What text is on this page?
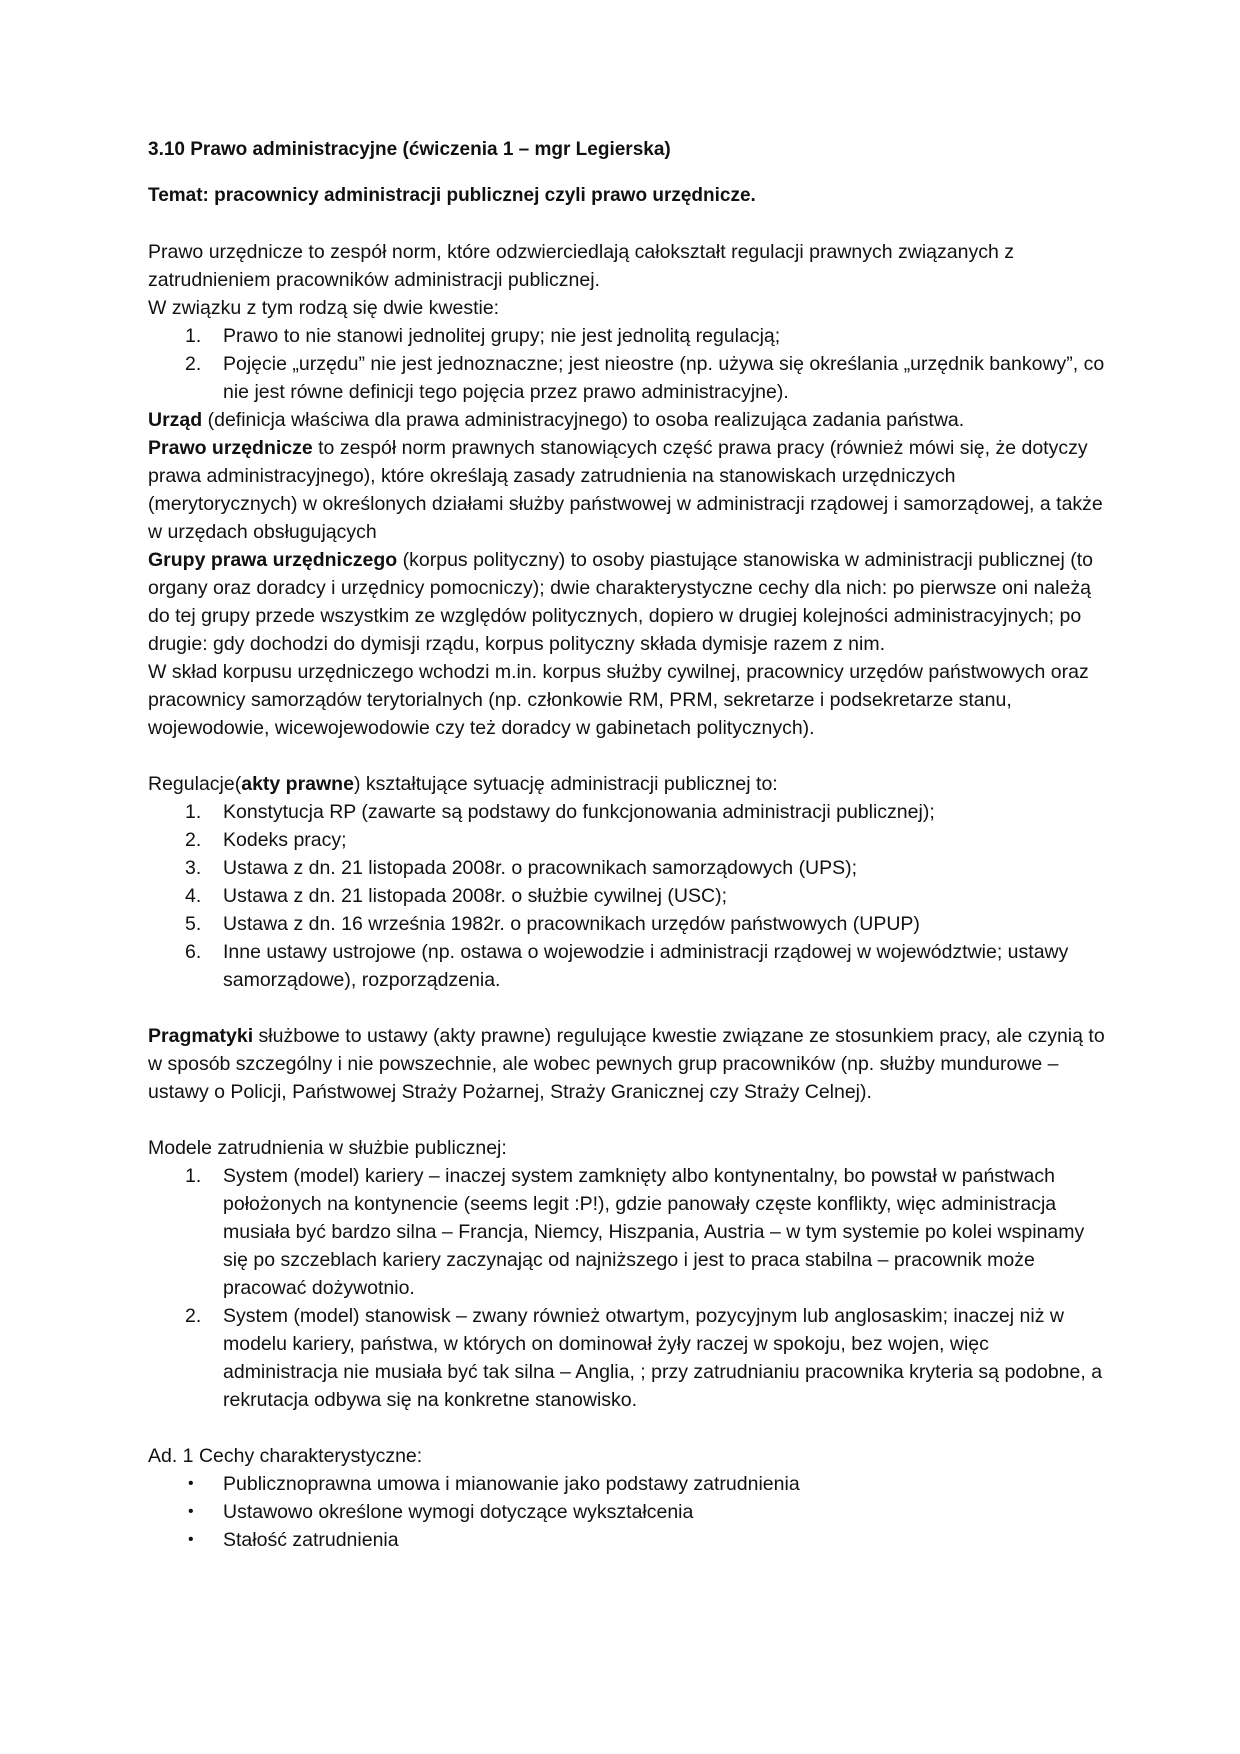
3.10 Prawo administracyjne (ćwiczenia 1 – mgr Legierska)

Temat: pracownicy administracji publicznej czyli prawo urzędnicze.

Prawo urzędnicze to zespół norm, które odzwierciedlają całokształt regulacji prawnych związanych z zatrudnieniem pracowników administracji publicznej.

W związku z tym rodzą się dwie kwestie:

1. Prawo to nie stanowi jednolitej grupy; nie jest jednolitą regulacją;
2. Pojęcie „urzędu” nie jest jednoznaczne; jest nieostre (np. używa się określania „urzędnik bankowy”, co nie jest równe definicji tego pojęcia przez prawo administracyjne).

Urząd (definicja właściwa dla prawa administracyjnego) to osoba realizująca zadania państwa.

Prawo urzędnicze to zespół norm prawnych stanowiących część prawa pracy (również mówi się, że dotyczy prawa administracyjnego), które określają zasady zatrudnienia na stanowiskach urzędniczych (merytorycznych) w określonych działami służby państwowej w administracji rządowej i samorządowej, a także w urzędach obsługujących

Grupy prawa urzędniczego (korpus polityczny) to osoby piastujące stanowiska w administracji publicznej (to organy oraz doradcy i urzędnicy pomocniczy); dwie charakterystyczne cechy dla nich: po pierwsze oni należą do tej grupy przede wszystkim ze względów politycznych, dopiero w drugiej kolejności administracyjnych; po drugie: gdy dochodzi do dymisji rządu, korpus polityczny składa dymisje razem z nim.

W skład korpusu urzędniczego wchodzi m.in. korpus służby cywilnej, pracownicy urzędów państwowych oraz pracownicy samorządów terytorialnych (np. członkowie RM, PRM, sekretarze i podsekretarze stanu, wojewodowie, wicewojewodowie czy też doradcy w gabinetach politycznych).

Regulacje(akty prawne) kształtujące sytuację administracji publicznej to:

1. Konstytucja RP (zawarte są podstawy do funkcjonowania administracji publicznej);
2. Kodeks pracy;
3. Ustawa z dn. 21 listopada 2008r. o pracownikach samorządowych (UPS);
4. Ustawa z dn. 21 listopada 2008r. o służbie cywilnej (USC);
5. Ustawa z dn. 16 września 1982r. o pracownikach urzędów państwowych (UPUP)
6. Inne ustawy ustrojowe (np. ostawa o wojewodzie i administracji rządowej w województwie; ustawy samorządowe), rozporządzenia.

Pragmatyki służbowe to ustawy (akty prawne) regulujące kwestie związane ze stosunkiem pracy, ale czynią to w sposób szczególny i nie powszechnie, ale wobec pewnych grup pracowników (np. służby mundurowe – ustawy o Policji, Państwowej Straży Pożarnej, Straży Granicznej czy Straży Celnej).

Modele zatrudnienia w służbie publicznej:

1. System (model) kariery – inaczej system zamknięty albo kontynentalny, bo powstał w państwach położonych na kontynencie (seems legit :P!), gdzie panowały częste konflikty, więc administracja musiała być bardzo silna – Francja, Niemcy, Hiszpania, Austria – w tym systemie po kolei wspinamy się po szczeblach kariery zaczynając od najniższego i jest to praca stabilna – pracownik może pracować dożywotnio.
2. System (model) stanowisk – zwany również otwartym, pozycyjnym lub anglosaskim; inaczej niż w modelu kariery, państwa, w których on dominował żyły raczej w spokoju, bez wojen, więc administracja nie musiała być tak silna – Anglia, ; przy zatrudnianiu pracownika kryteria są podobne, a rekrutacja odbywa się na konkretne stanowisko.

Ad. 1 Cechy charakterystyczne:

• Publicznoprawna umowa i mianowanie jako podstawy zatrudnienia
• Ustawowo określone wymogi dotyczące wykształcenia
• Stałość zatrudnienia
